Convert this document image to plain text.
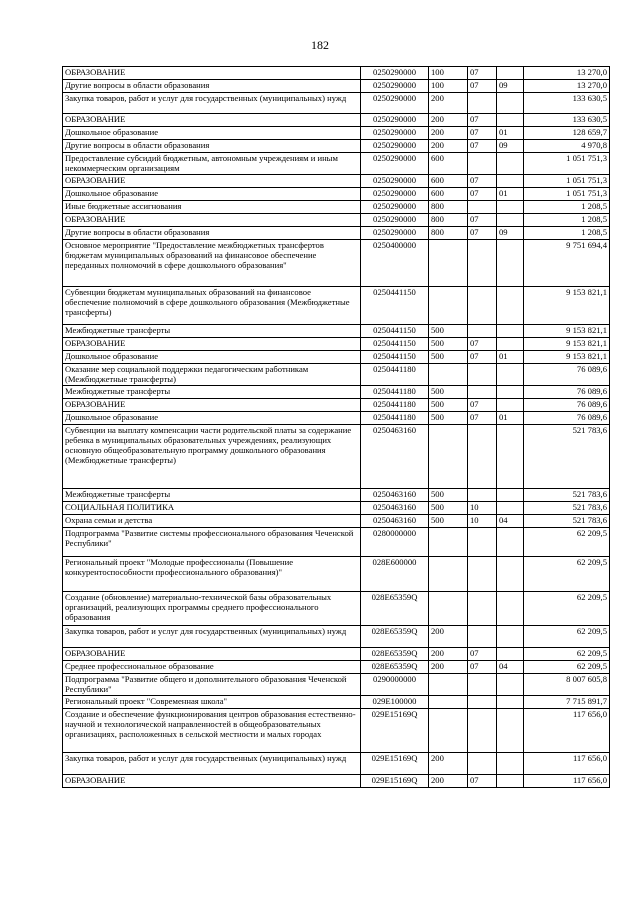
182
ОБРАЗОВАНИЕ	0250290000	100	07		13 270,0
Другие вопросы в области образования	0250290000	100	07	09	13 270,0
Закупка товаров, работ и услуг для государственных (муниципальных) нужд	0250290000	200			133 630,5
ОБРАЗОВАНИЕ	0250290000	200	07		133 630,5
Дошкольное образование	0250290000	200	07	01	128 659,7
Другие вопросы в области образования	0250290000	200	07	09	4 970,8
Предоставление субсидий бюджетным, автономным учреждениям и иным некоммерческим организациям	0250290000	600			1 051 751,3
ОБРАЗОВАНИЕ	0250290000	600	07		1 051 751,3
Дошкольное образование	0250290000	600	07	01	1 051 751,3
Иные бюджетные ассигнования	0250290000	800			1 208,5
ОБРАЗОВАНИЕ	0250290000	800	07		1 208,5
Другие вопросы в области образования	0250290000	800	07	09	1 208,5
Основное мероприятие "Предоставление межбюджетных трансфертов бюджетам муниципальных образований на финансовое обеспечение переданных полномочий в сфере дошкольного образования"	0250400000				9 751 694,4
Субвенции бюджетам муниципальных образований на финансовое обеспечение полномочий в сфере дошкольного образования (Межбюджетные трансферты)	0250441150				9 153 821,1
Межбюджетные трансферты	0250441150	500			9 153 821,1
ОБРАЗОВАНИЕ	0250441150	500	07		9 153 821,1
Дошкольное образование	0250441150	500	07	01	9 153 821,1
Оказание мер социальной поддержки педагогическим работникам (Межбюджетные трансферты)	0250441180				76 089,6
Межбюджетные трансферты	0250441180	500			76 089,6
ОБРАЗОВАНИЕ	0250441180	500	07		76 089,6
Дошкольное образование	0250441180	500	07	01	76 089,6
Субвенции на выплату компенсации части родительской платы за содержание ребенка в муниципальных образовательных учреждениях, реализующих основную общеобразовательную программу дошкольного образования (Межбюджетные трансферты)	0250463160				521 783,6
Межбюджетные трансферты	0250463160	500			521 783,6
СОЦИАЛЬНАЯ ПОЛИТИКА	0250463160	500	10		521 783,6
Охрана семьи и детства	0250463160	500	10	04	521 783,6
Подпрограмма "Развитие системы профессионального образования Чеченской Республики"	0280000000				62 209,5
Региональный проект "Молодые профессионалы (Повышение конкурентоспособности профессионального образования)"	028E600000				62 209,5
Создание (обновление) материально-технической базы образовательных организаций, реализующих программы среднего профессионального образования	028E65359Q				62 209,5
Закупка товаров, работ и услуг для государственных (муниципальных) нужд	028E65359Q	200			62 209,5
ОБРАЗОВАНИЕ	028E65359Q	200	07		62 209,5
Среднее профессиональное образование	028E65359Q	200	07	04	62 209,5
Подпрограмма "Развитие общего и дополнительного образования Чеченской Республики"	0290000000				8 007 605,8
Региональный проект "Современная школа"	029E100000				7 715 891,7
Создание и обеспечение функционирования центров образования естественно-научной и технологической направленностей в общеобразовательных организациях, расположенных в сельской местности и малых городах	029E15169Q				117 656,0
Закупка товаров, работ и услуг для государственных (муниципальных) нужд	029E15169Q	200			117 656,0
ОБРАЗОВАНИЕ	029E15169Q	200	07		117 656,0
